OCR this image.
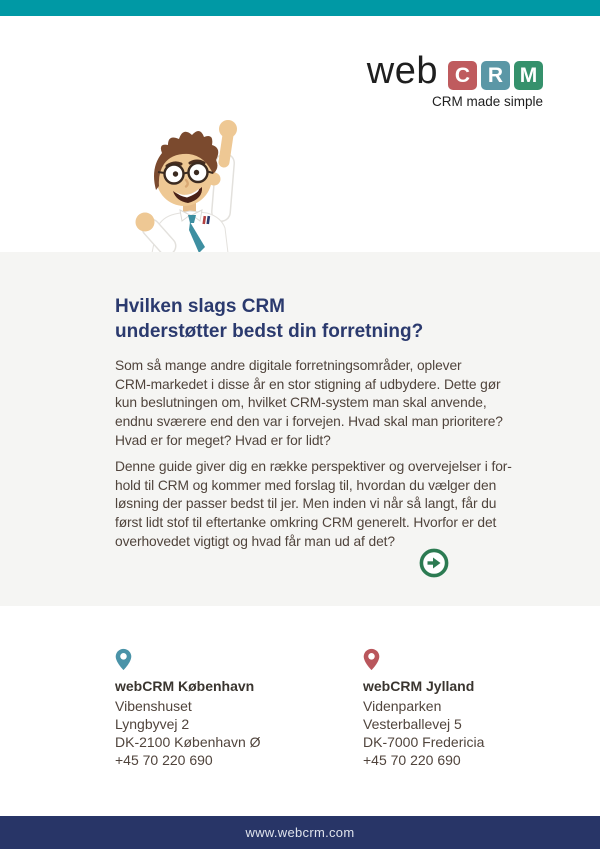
web C R M
CRM made simple
Hvilken slags CRM
understøtter bedst din forretning?
Som så mange andre digitale forretningsområder, oplever
CRM-markedet i disse år en stor stigning af udbydere. Dette gør
kun beslutningen om, hvilket CRM-system man skal anvende,
endnu sværere end den var i forvejen. Hvad skal man prioritere?
Hvad er for meget? Hvad er for lidt?
Denne guide giver dig en række perspektiver og overvejelser i for-
hold til CRM og kommer med forslag til, hvordan du vælger den
løsning der passer bedst til jer. Men inden vi når så langt, får du
først lidt stof til eftertanke omkring CRM generelt. Hvorfor er det
overhovedet vigtigt og hvad får man ud af det?
webCRM København
Vibenshuset
Lyngbyvej 2
DK-2100 København Ø
+45 70 220 690
webCRM Jylland
Videnparken
Vesterballevej 5
DK-7000 Fredericia
+45 70 220 690
www.webcrm.com
